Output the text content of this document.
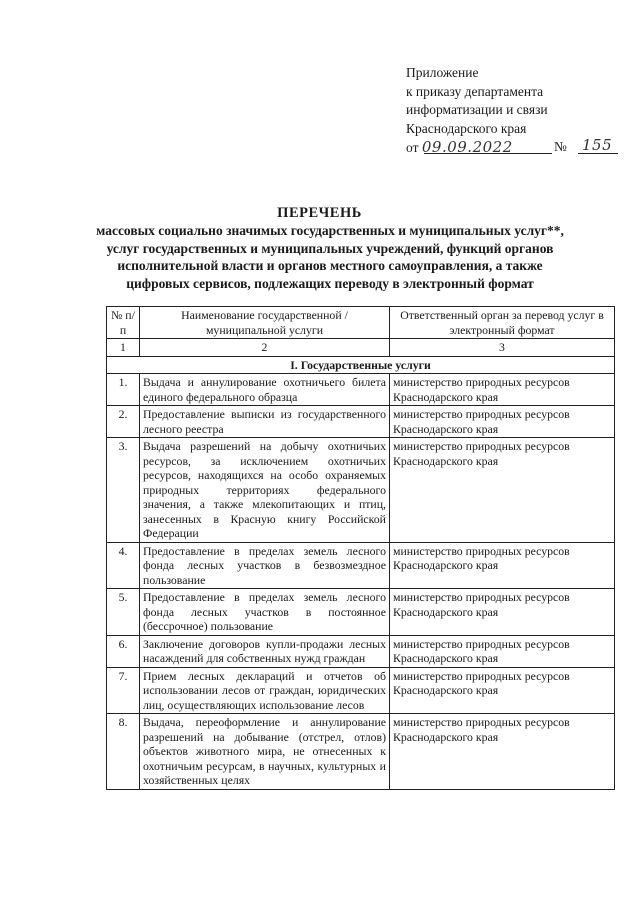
Приложение
к приказу департамента
информатизации и связи
Краснодарского края
от 09.09.2022	№ 155
ПЕРЕЧЕНЬ
массовых социально значимых государственных и муниципальных услуг**, услуг государственных и муниципальных учреждений, функций органов исполнительной власти и органов местного самоуправления, а также цифровых сервисов, подлежащих переводу в электронный формат
№ п/п	Наименование государственной / муниципальной услуги	Ответственный орган за перевод услуг в электронный формат
1	2	3
I. Государственные услуги		
1.	Выдача и аннулирование охотничьего билета единого федерального образца	министерство природных ресурсов Краснодарского края
2.	Предоставление выписки из государственного лесного реестра	министерство природных ресурсов Краснодарского края
3.	Выдача разрешений на добычу охотничьих ресурсов, за исключением охотничьих ресурсов, находящихся на особо охраняемых природных территориях федерального значения, а также млекопитающих и птиц, занесенных в Красную книгу Российской Федерации	министерство природных ресурсов Краснодарского края
4.	Предоставление в пределах земель лесного фонда лесных участков в безвозмездное пользование	министерство природных ресурсов Краснодарского края
5.	Предоставление в пределах земель лесного фонда лесных участков в постоянное (бессрочное) пользование	министерство природных ресурсов Краснодарского края
6.	Заключение договоров купли-продажи лесных насаждений для собственных нужд граждан	министерство природных ресурсов Краснодарского края
7.	Прием лесных деклараций и отчетов об использовании лесов от граждан, юридических лиц, осуществляющих использование лесов	министерство природных ресурсов Краснодарского края
8.	Выдача, переоформление и аннулирование разрешений на добывание (отстрел, отлов) объектов животного мира, не отнесенных к охотничьим ресурсам, в научных, культурных и хозяйственных целях	министерство природных ресурсов Краснодарского края
